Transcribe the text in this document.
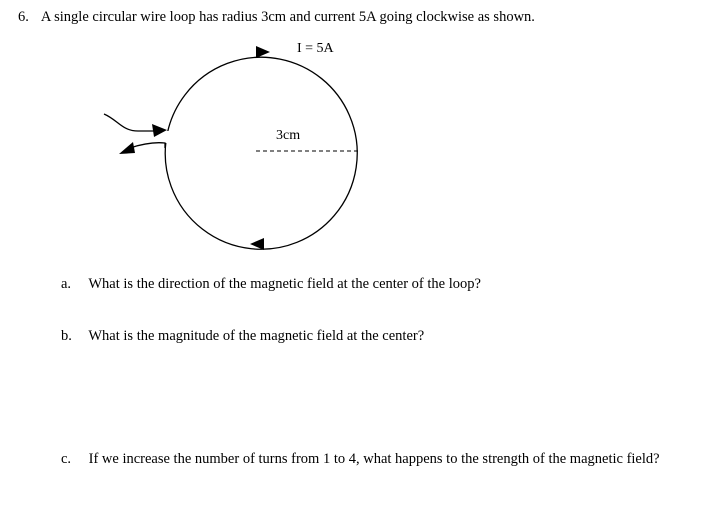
6. A single circular wire loop has radius 3cm and current 5A going clockwise as shown.
3cm
I = 5A
a. What is the direction of the magnetic field at the center of the loop?
b. What is the magnitude of the magnetic field at the center?
c. If we increase the number of turns from 1 to 4, what happens to the strength of the magnetic field?
